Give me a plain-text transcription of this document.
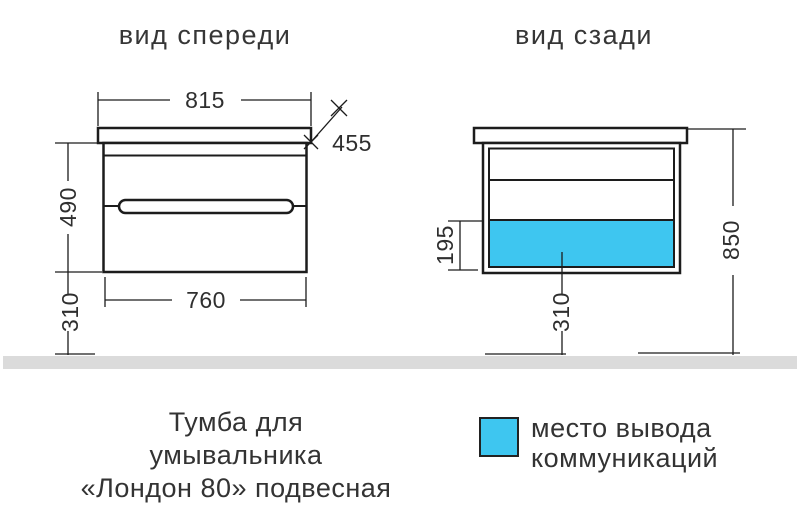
вид спереди	вид сзади
815
455
490
310	760
195
310
850
Тумба для
умывальника
«Лондон 80» подвесная
место вывода
коммуникаций
